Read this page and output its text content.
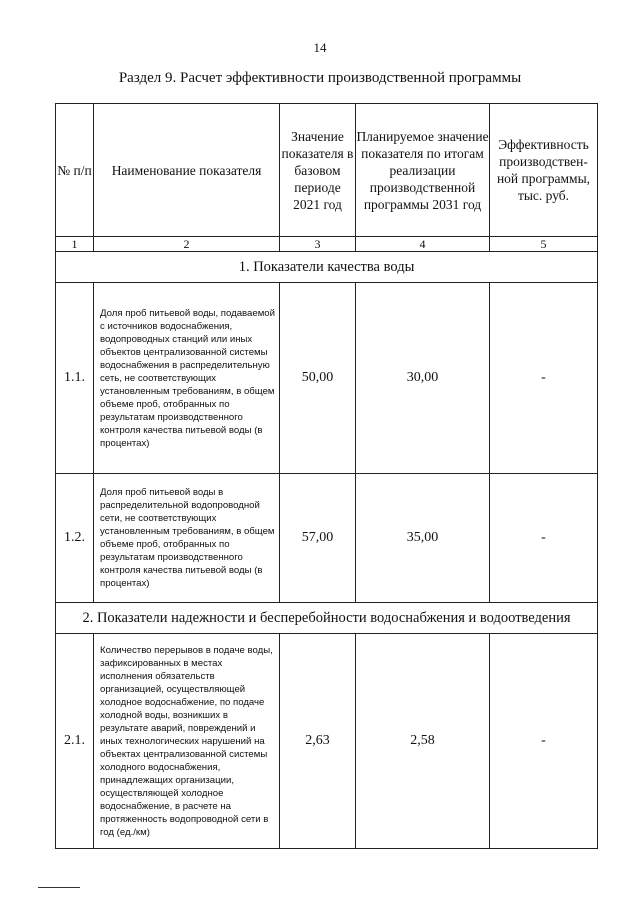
14
Раздел 9. Расчет эффективности производственной программы
№ п/п	Наименование показателя	Значение показателя в базовом периоде 2021 год	Планируемое значение показателя по итогам реализации производственной программы 2031 год	Эффективность производствен-ной программы, тыс. руб.
1	2	3	4	5
1. Показатели качества воды				
1.1.	Доля проб питьевой воды, подаваемой с источников водоснабжения, водопроводных станций или иных объектов централизованной системы водоснабжения в распределительную сеть, не соответствующих установленным требованиям, в общем объеме проб, отобранных по результатам производственного контроля качества питьевой воды (в процентах)	50,00	30,00	-
1.2.	Доля проб питьевой воды в распределительной водопроводной сети, не соответствующих установленным требованиям, в общем объеме проб, отобранных по результатам производственного контроля качества питьевой воды (в процентах)	57,00	35,00	-
2. Показатели надежности и бесперебойности водоснабжения и водоотведения				
2.1.	Количество перерывов в подаче воды, зафиксированных в местах исполнения обязательств организацией, осуществляющей холодное водоснабжение, по подаче холодной воды, возникших в результате аварий, повреждений и иных технологических нарушений на объектах централизованной системы холодного водоснабжения, принадлежащих организации, осуществляющей холодное водоснабжение, в расчете на протяженность водопроводной сети в год (ед./км)	2,63	2,58	-
